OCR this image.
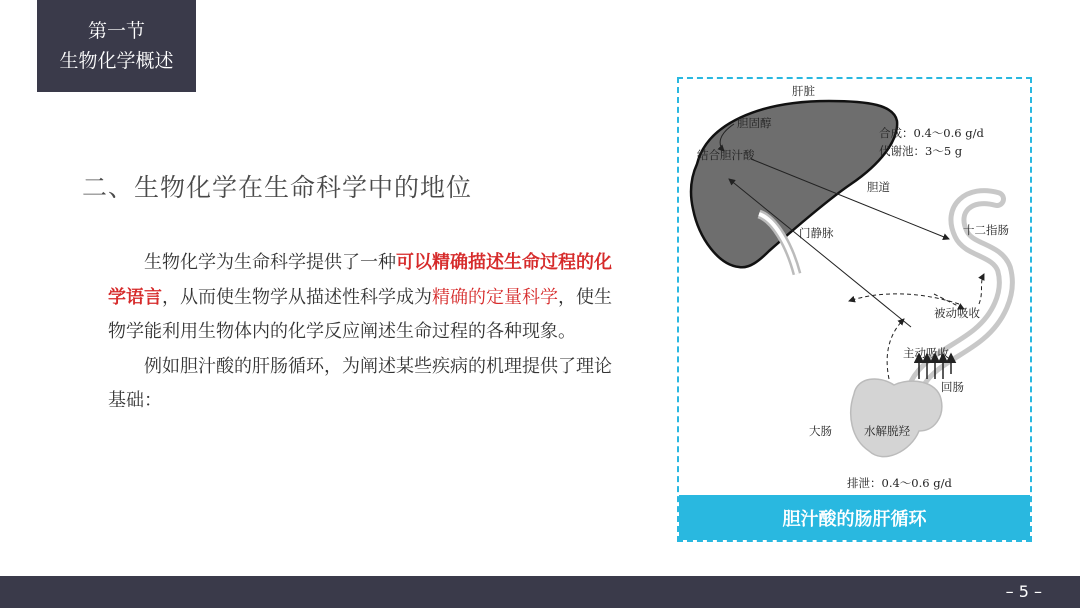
第一节
生物化学概述
二、生物化学在生命科学中的地位

生物化学为生命科学提供了一种可以精确描述生命过程的化学语言，从而使生物学从描述性科学成为精确的定量科学，使生物学能利用生物体内的化学反应阐述生命过程的各种现象。

例如胆汁酸的肝肠循环，为阐述某些疾病的机理提供了理论基础：

肝脏
胆固醇
结合胆汁酸
合成：0.4～0.6 g/d
代谢池：3～5 g
胆道
门静脉	十二指肠
被动吸收
主动吸收
回肠
大肠	水解脱羟
排泄：0.4～0.6 g/d
胆汁酸的肠肝循环
– 5 –
